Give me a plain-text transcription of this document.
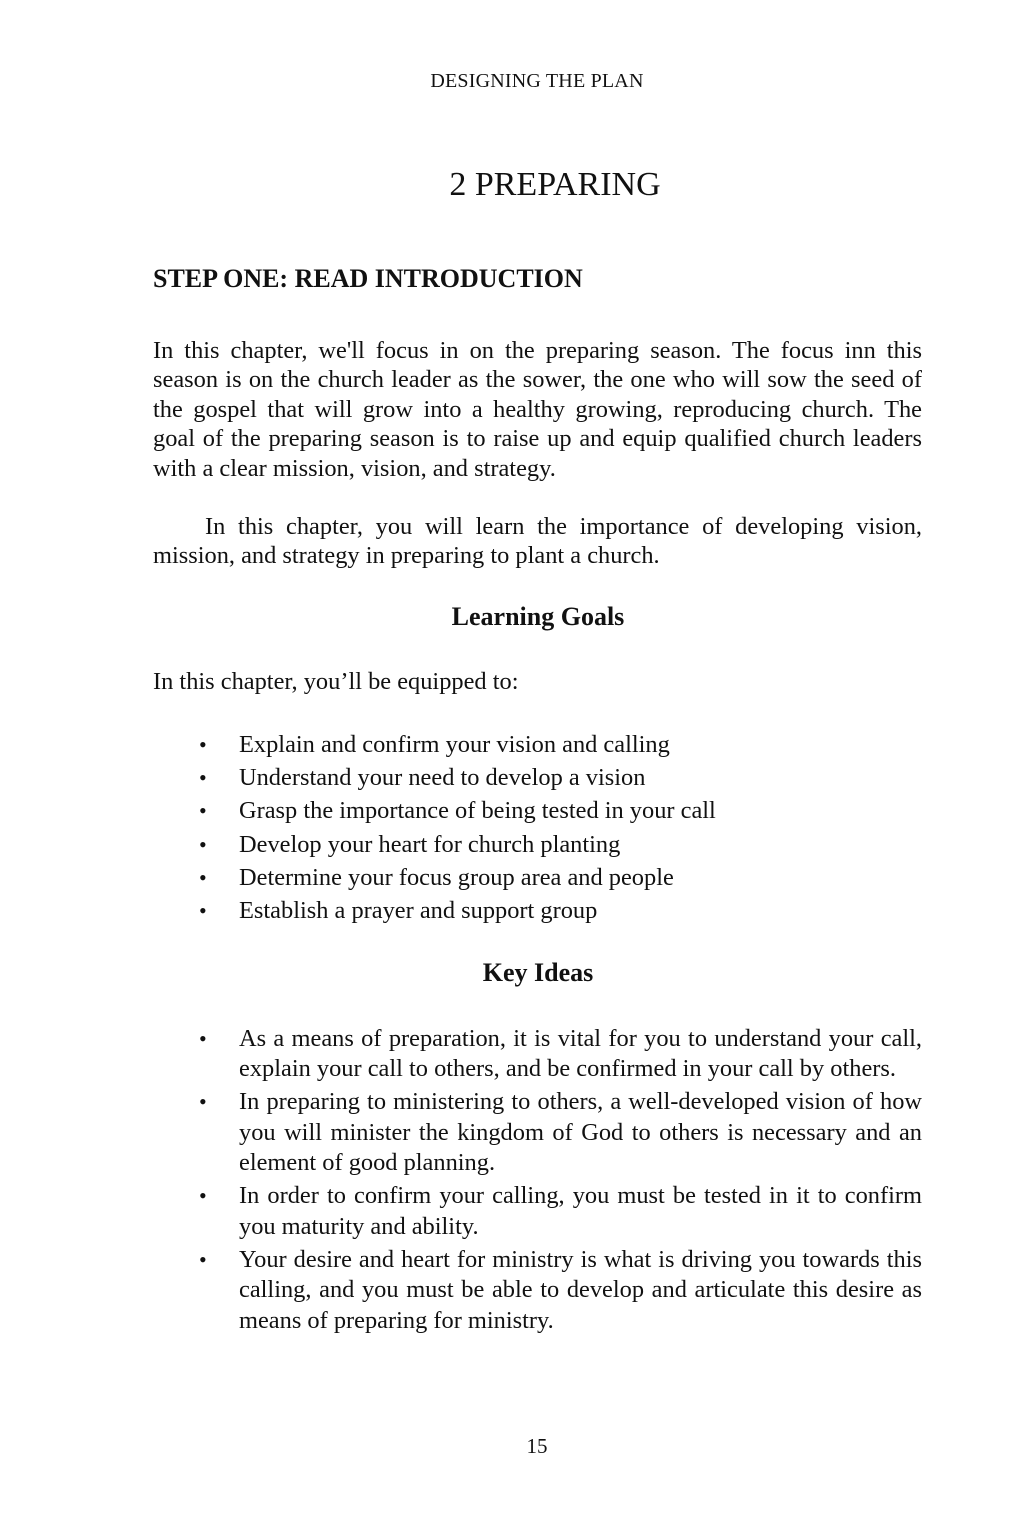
DESIGNING THE PLAN
2 PREPARING
STEP ONE: READ INTRODUCTION

In this chapter, we'll focus in on the preparing season. The focus inn this season is on the church leader as the sower, the one who will sow the seed of the gospel that will grow into a healthy growing, reproducing church. The goal of the preparing season is to raise up and equip qualified church leaders with a clear mission, vision, and strategy.

In this chapter, you will learn the importance of developing vision, mission, and strategy in preparing to plant a church.

Learning Goals

In this chapter, you’ll be equipped to:

• Explain and confirm your vision and calling
• Understand your need to develop a vision
• Grasp the importance of being tested in your call
• Develop your heart for church planting
• Determine your focus group area and people
• Establish a prayer and support group
Key Ideas
• As a means of preparation, it is vital for you to understand your call, explain your call to others, and be confirmed in your call by others.
• In preparing to ministering to others, a well-developed vision of how you will minister the kingdom of God to others is necessary and an element of good planning.
• In order to confirm your calling, you must be tested in it to confirm you maturity and ability.
• Your desire and heart for ministry is what is driving you towards this calling, and you must be able to develop and articulate this desire as means of preparing for ministry.
15
